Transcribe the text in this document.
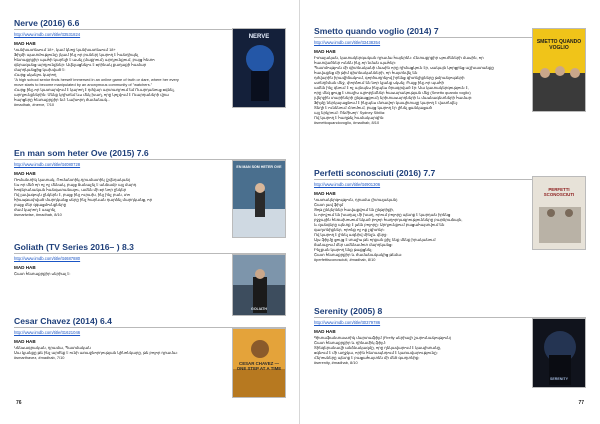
Nerve (2016) 6.6
http://www.imdb.com/title/tt3531824
MAD HAB
Կանխատեսում 18+, կամ կնոջ կանխատեսում 18+
Ֆիլմի պատմությունը (կամ ինչ որ բաներ) կարող է հանդիպել
հետաքրքիր պահի կարելի է ասել (մաքրում) արդյունքում, բայց հետո
գերազանց արդյունքներ: Ավելացնելու է օրինակ քաղաքի համար
մարդկանցից կախված է:
Հարց սկսելու կարող
"A high school senior finds herself immersed in an online game of truth or dare, where her every
move starts to become manipulated by an anonymous community of "watchers."
Հարց ինչ-որ կատարվում է կարող է դժվար արտադրում եմ Ուարդանուց օգնել,
արդյունքներին: Մենք կդիտեմ ևս մեկ խաղ, որը կոչվում է Ուարդաների վրա
հարցերը հետաքրքիր եմ: Նախորդ ժամանակ...
#madhab, #nerve, 7/10
NERVE
En man som heter Ove (2015) 7.6
http://www.imdb.com/title/tt4080728
MAD HAB
Ռոմանտիկ կատակ, Ռոմանտիկ-դրամատիկ (շվեդական)
Ես որ մեծ որ ոչ ոչ մենակ, բայց ճանաչել է անձամբ այլ մարդ
հոգեբանական հանգստանալու, ամեն մի օր նոր ընկեր
Ով լավագույն ընկերն է, բայց ինչ ուրախ, ինչ ինչ բան, տո
հիասթափված մարդկանց սերը ինչ հարևան դարձել մարդկանց, որ
բայց մեր զգացմունքները
ժամ կարող է ապրել
#smartwise, #madhab, 8/10
EN MAN SOM HETER OVE
Goliath (TV Series 2016– ) 8.3
http://www.imdb.com/title/tt4687880
MAD HAB
Շատ հետաքրքիր սերիալ է:
GOLIATH
Cesar Chavez (2014) 6.4
http://www.imdb.com/title/tt1621046
MAD HAB
Կենսագրական, դրամա, Պատմական
Սա կյանքը թե ինչ արժեք է ունի առաջնորդության կինոնկարը, թե բոլոր դրամա:
#smarthavez, #madhab, 7/10
CESAR CHAVEZ — ONE STEP AT A TIME
76
Smetto quando voglio (2014) 7
http://www.imdb.com/title/tt3438354
MAD HAB
Իտալական, կատակերգական դրամա հայերեն: Հետաքրքիր սյուժեների մասին, որ
հատվածներ ունեն ինչ-որ նման պահեր:
Պատմություն մի գիտնականի մասին որը դիմացկուն էր, սակայն կորցրեց աշխատանքը
հավաքեց մի թիմ գիտնականների, որ հայտնվել են
դժվարին իրավիճակում, գործադրելով իրենց գիտելիքները թմրանյութերի
ստեղծման մեջ, փորձում են նոր կյանք սկսել: Բայց ինչ-որ պահի
ամեն ինչ գնում է ոչ այնպես ինչպես ծրագրված էր: Սա կատակերգություն է,
որը մեզ ցույց է տալիս պրոբլեմներ հասարակության մեջ (Smetto quando voglio)
(վերջին տարիների ընթացքում) երիտասարդների և մասնագետների համար:
Ֆիլմը ներկայացնում է ինչպես մտավոր կապիտալը կարող է վատնվել:
Տեղի է ունենում Հռոմում, բայց կարող էր լինել ցանկացած
այլ երկրում: Ռեժիսոր՝ Sydney Sibilia:
Ով կարող է հաղթել համակարգին:
#smettoquandovoglio, #madhab, 8/10
SMETTO QUANDO VOGLIO
Perfetti sconosciuti (2016) 7.7
http://www.imdb.com/title/tt4901306
MAD HAB
Կատակերգություն, դրամա (իտալական)
Շատ լավ ֆիլմ
Յոթ ընկերներ հավաքվում են ընթրիքի,
և որոշում են խաղալ մի խաղ, որում բոլորը պետք է կարդան իրենց
բջջային հեռախոսում եկած բոլոր հաղորդագրությունները բարձրաձայն,
և զանգերը պետք է լսեն բոլորը: Արդյունքում բացահայտվում են
գաղտնիքներ, որոնք ոչ ոք չգիտեր:
Ով կարող է լինել ազնիվ մինչև վերջ:
Այս ֆիլմը ցույց է տալիս թե որքան քիչ ենք մենք իրականում
ճանաչում մեր ամենամոտ մարդկանց:
Ինչքան կարող ենք թաքցնել:
Շատ հետաքրքիր և ժամանակակից թեմա:
#perfettisconosciuti, #madhab, 8/10
PERFETTI SCONOSCIUTI
Serenity (2005) 8
http://www.imdb.com/title/tt0379786
MAD HAB
Գիտաֆանտաստիկ մարտաֆիլմ (Firefly սերիալի շարունակություն)
Շատ հետաքրքիր և դինամիկ ֆիլմ:
Տիեզերանավի անձնակազմը, որը ղեկավարում է կապիտանը,
օգնում է մի աղջկա, որին հետապնդում է կառավարությունը:
Հերոսները պետք է բացահայտեն մի մեծ գաղտնիք:
#serenity, #madhab, 8/10
SERENITY
77
